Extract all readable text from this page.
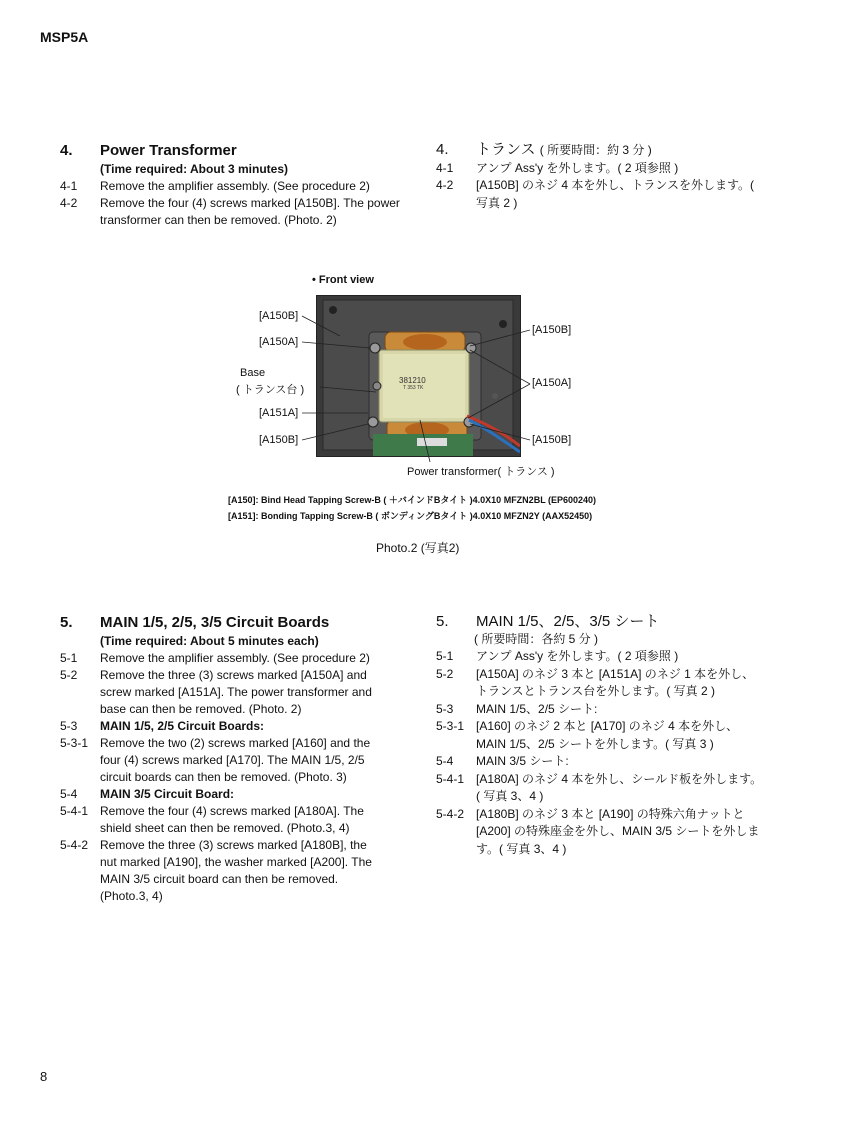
MSP5A
8
4.	Power Transformer
(Time required: About 3 minutes)
4-1	Remove the amplifier assembly. (See procedure 2)
4-2	Remove the four (4) screws marked [A150B]. The power transformer can then be removed. (Photo. 2)
4.	トランス ( 所要時間：約 3 分 )
4-1	アンプ Ass'y を外します。( 2 項参照 )
4-2	[A150B] のネジ 4 本を外し、トランスを外します。( 写真 2 )
• Front view
381210
T 353 TK
[A150B]
[A150A]
Base
( トランス台 )
[A151A]
[A150B]
[A150B]
[A150A]
[A150B]
Power transformer( トランス )
[A150]: Bind Head Tapping Screw-B ( ＋バインドBタイト )4.0X10 MFZN2BL (EP600240)
[A151]: Bonding Tapping Screw-B ( ボンディングBタイト )4.0X10 MFZN2Y (AAX52450)
Photo.2 (写真2)
5.	MAIN 1/5, 2/5, 3/5 Circuit Boards
(Time required: About 5 minutes each)
5-1	Remove the amplifier assembly. (See procedure 2)
5-2	Remove the three (3) screws marked [A150A] and screw marked [A151A]. The power transformer and base can then be removed. (Photo. 2)
5-3	MAIN 1/5, 2/5 Circuit Boards:
5-3-1 Remove the two (2) screws marked [A160] and the four (4) screws marked [A170]. The MAIN 1/5, 2/5 circuit boards can then be removed. (Photo. 3)
5-4	MAIN 3/5 Circuit Board:
5-4-1 Remove the four (4) screws marked [A180A]. The shield sheet can then be removed. (Photo.3, 4)
5-4-2 Remove the three (3) screws marked [A180B], the nut marked [A190], the washer marked [A200]. The MAIN 3/5 circuit board can then be removed. (Photo.3, 4)
5.	MAIN 1/5、2/5、3/5 シート
( 所要時間：各約 5 分 )
5-1	アンプ Ass'y を外します。( 2 項参照 )
5-2	[A150A] のネジ 3 本と [A151A] のネジ 1 本を外し、トランスとトランス台を外します。( 写真 2 )
5-3	MAIN 1/5、2/5 シート:
5-3-1 [A160] のネジ 2 本と [A170] のネジ 4 本を外し、MAIN 1/5、2/5 シートを外します。( 写真 3 )
5-4	MAIN 3/5 シート:
5-4-1 [A180A] のネジ 4 本を外し、シールド板を外します。( 写真 3、4 )
5-4-2 [A180B] のネジ 3 本と [A190] の特殊六角ナットと [A200] の特殊座金を外し、MAIN 3/5 シートを外します。( 写真 3、4 )
